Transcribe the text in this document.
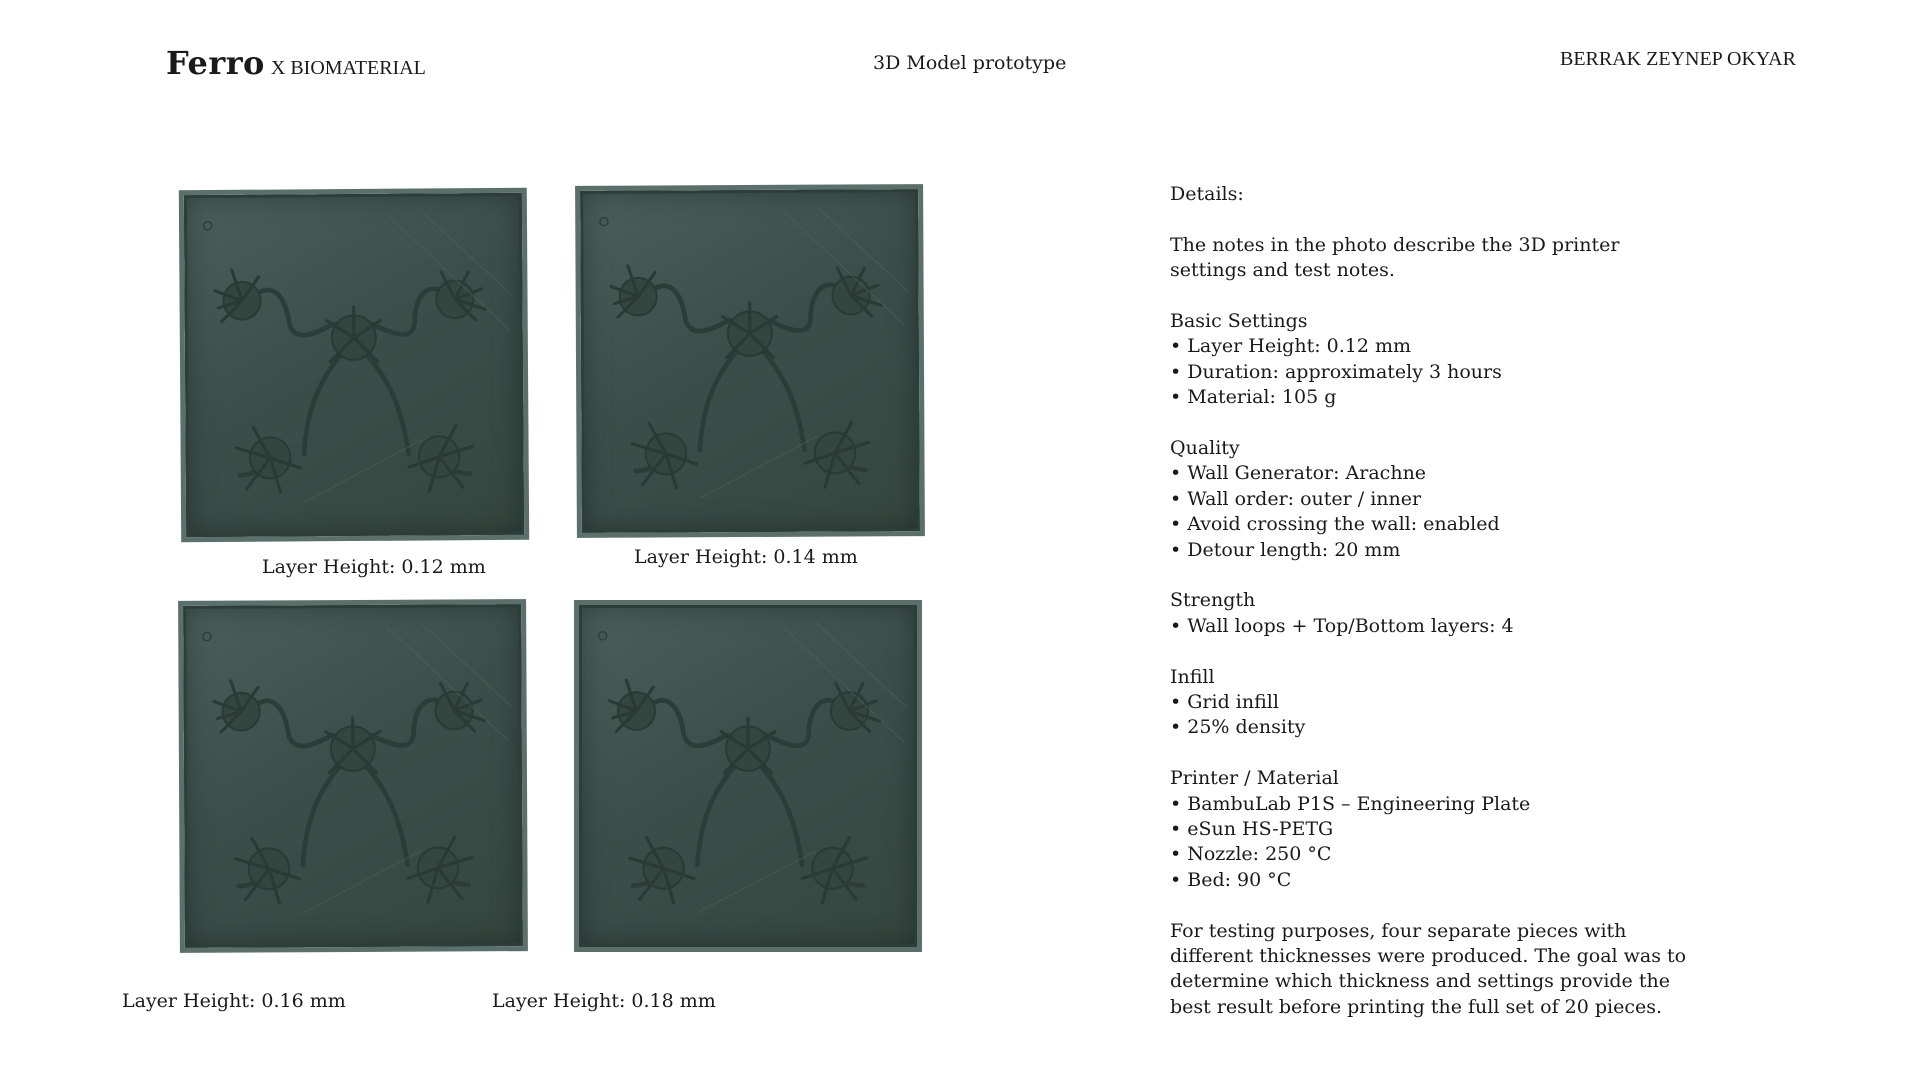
Ferro X BIOMATERIAL	3D Model prototype	BERRAK ZEYNEP OKYAR
Layer Height: 0.12 mm	Layer Height: 0.14 mm
Layer Height: 0.16 mm	Layer Height: 0.18 mm

Details:

The notes in the photo describe the 3D printer

settings and test notes.

Basic Settings

• Layer Height: 0.12 mm

• Duration: approximately 3 hours

• Material: 105 g

Quality

• Wall Generator: Arachne

• Wall order: outer / inner

• Avoid crossing the wall: enabled

• Detour length: 20 mm

Strength

• Wall loops + Top/Bottom layers: 4

Infill

• Grid infill

• 25% density

Printer / Material

• BambuLab P1S – Engineering Plate

• eSun HS-PETG

• Nozzle: 250 °C

• Bed: 90 °C

For testing purposes, four separate pieces with

different thicknesses were produced. The goal was to

determine which thickness and settings provide the

best result before printing the full set of 20 pieces.
